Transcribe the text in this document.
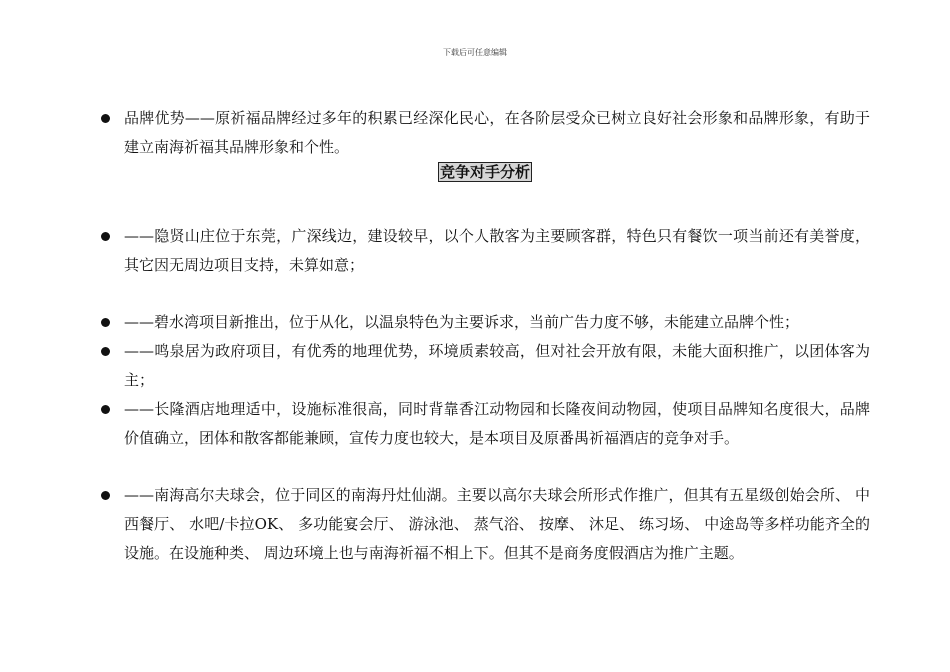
下载后可任意编辑
品牌优势——原祈福品牌经过多年的积累已经深化民心，在各阶层受众已树立良好社会形象和品牌形象，有助于建立南海祈福其品牌形象和个性。
竞争对手分析
——隐贤山庄位于东莞，广深线边，建设较早，以个人散客为主要顾客群，特色只有餐饮一项当前还有美誉度，其它因无周边项目支持，未算如意；
——碧水湾项目新推出，位于从化，以温泉特色为主要诉求，当前广告力度不够，未能建立品牌个性；
——鸣泉居为政府项目，有优秀的地理优势，环境质素较高，但对社会开放有限，未能大面积推广，以团体客为主；
——长隆酒店地理适中，设施标准很高，同时背靠香江动物园和长隆夜间动物园，使项目品牌知名度很大，品牌价值确立，团体和散客都能兼顾，宣传力度也较大，是本项目及原番禺祈福酒店的竞争对手。
——南海高尔夫球会，位于同区的南海丹灶仙湖。主要以高尔夫球会所形式作推广，但其有五星级创始会所、 中西餐厅、 水吧/卡拉OK、 多功能宴会厅、 游泳池、 蒸气浴、 按摩、 沐足、 练习场、 中途岛等多样功能齐全的设施。在设施种类、 周边环境上也与南海祈福不相上下。但其不是商务度假酒店为推广主题。
